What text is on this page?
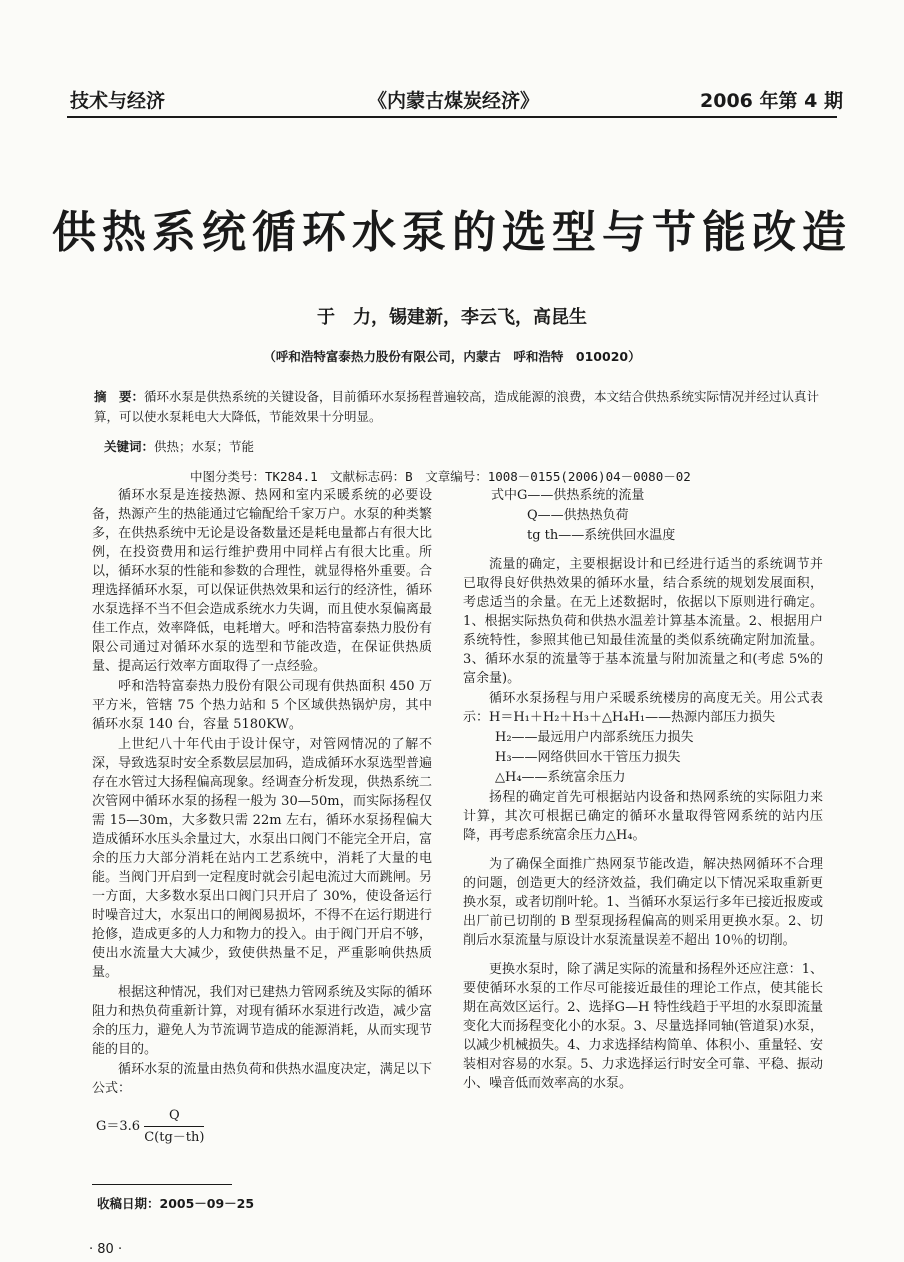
技术与经济	《内蒙古煤炭经济》	2006 年第 4 期
供热系统循环水泵的选型与节能改造
于　力，锡建新，李云飞，高昆生
（呼和浩特富泰热力股份有限公司，内蒙古　呼和浩特　010020）
摘　要：循环水泵是供热系统的关键设备，目前循环水泵扬程普遍较高，造成能源的浪费，本文结合供热系统实际情况并经过认真计算，可以使水泵耗电大大降低，节能效果十分明显。
关键词：供热；水泵；节能
中图分类号：TK284.1　文献标志码：B　文章编号：1008－0155(2006)04－0080－02

循环水泵是连接热源、热网和室内采暖系统的必要设备，热源产生的热能通过它输配给千家万户。水泵的种类繁多，在供热系统中无论是设备数量还是耗电量都占有很大比例，在投资费用和运行维护费用中同样占有很大比重。所以，循环水泵的性能和参数的合理性，就显得格外重要。合理选择循环水泵，可以保证供热效果和运行的经济性，循环水泵选择不当不但会造成系统水力失调，而且使水泵偏离最佳工作点，效率降低，电耗增大。呼和浩特富泰热力股份有限公司通过对循环水泵的选型和节能改造，在保证供热质量、提高运行效率方面取得了一点经验。

呼和浩特富泰热力股份有限公司现有供热面积 450 万平方米，管辖 75 个热力站和 5 个区域供热锅炉房，其中循环水泵 140 台，容量 5180KW。

上世纪八十年代由于设计保守，对管网情况的了解不深，导致选泵时安全系数层层加码，造成循环水泵选型普遍存在水管过大扬程偏高现象。经调查分析发现，供热系统二次管网中循环水泵的扬程一般为 30—50m，而实际扬程仅需 15—30m，大多数只需 22m 左右，循环水泵扬程偏大造成循环水压头余量过大，水泵出口阀门不能完全开启，富余的压力大部分消耗在站内工艺系统中，消耗了大量的电能。当阀门开启到一定程度时就会引起电流过大而跳闸。另一方面，大多数水泵出口阀门只开启了 30%，使设备运行时噪音过大，水泵出口的闸阀易损坏，不得不在运行期进行抢修，造成更多的人力和物力的投入。由于阀门开启不够，使出水流量大大减少，致使供热量不足，严重影响供热质量。

根据这种情况，我们对已建热力管网系统及实际的循环阻力和热负荷重新计算，对现有循环水泵进行改造，减少富余的压力，避免人为节流调节造成的能源消耗，从而实现节能的目的。

循环水泵的流量由热负荷和供热水温度决定，满足以下公式：

$G=3.6 \frac{Q}{C(tg-th)}$

式中G——供热系统的流量

Q——供热热负荷

tg th——系统供回水温度

流量的确定，主要根据设计和已经进行适当的系统调节并已取得良好供热效果的循环水量，结合系统的规划发展面积，考虑适当的余量。在无上述数据时，依据以下原则进行确定。1、根据实际热负荷和供热水温差计算基本流量。2、根据用户系统特性，参照其他已知最佳流量的类似系统确定附加流量。3、循环水泵的流量等于基本流量与附加流量之和(考虑 5%的富余量)。

循环水泵扬程与用户采暖系统楼房的高度无关。用公式表示：H＝H₁＋H₂＋H₃＋△H₄H₁——热源内部压力损失

H₂——最远用户内部系统压力损失

H₃——网络供回水干管压力损失

△H₄——系统富余压力

扬程的确定首先可根据站内设备和热网系统的实际阻力来计算，其次可根据已确定的循环水量取得管网系统的站内压降，再考虑系统富余压力△H₄。

为了确保全面推广热网泵节能改造，解决热网循环不合理的问题，创造更大的经济效益，我们确定以下情况采取重新更换水泵，或者切削叶轮。1、当循环水泵运行多年已接近报废或出厂前已切削的 B 型泵现扬程偏高的则采用更换水泵。2、切削后水泵流量与原设计水泵流量误差不超出 10％的切削。

更换水泵时，除了满足实际的流量和扬程外还应注意：1、要使循环水泵的工作尽可能接近最佳的理论工作点，使其能长期在高效区运行。2、选择G—H 特性线趋于平坦的水泵即流量变化大而扬程变化小的水泵。3、尽量选择同轴(管道泵)水泵，以减少机械损失。4、力求选择结构简单、体积小、重量轻、安装相对容易的水泵。5、力求选择运行时安全可靠、平稳、振动小、噪音低而效率高的水泵。

收稿日期：2005－09－25
· 80 ·
